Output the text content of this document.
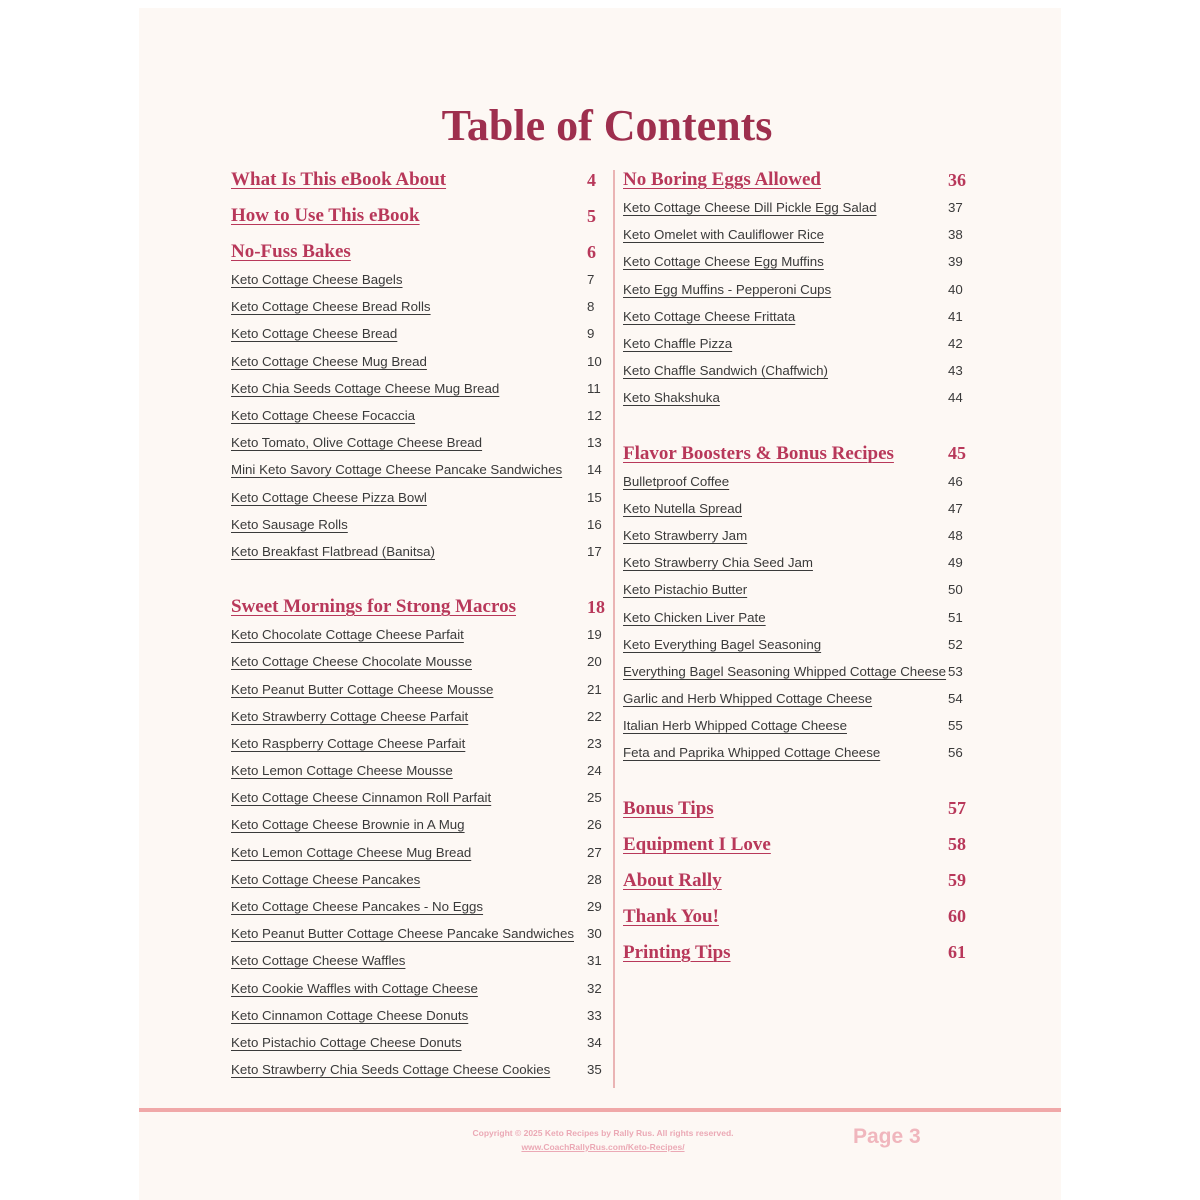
Table of Contents
What Is This eBook About	4
How to Use This eBook	5
No-Fuss Bakes	6
Keto Cottage Cheese Bagels	7
Keto Cottage Cheese Bread Rolls	8
Keto Cottage Cheese Bread	9
Keto Cottage Cheese Mug Bread	10
Keto Chia Seeds Cottage Cheese Mug Bread	11
Keto Cottage Cheese Focaccia	12
Keto Tomato, Olive Cottage Cheese Bread	13
Mini Keto Savory Cottage Cheese Pancake Sandwiches 14
Keto Cottage Cheese Pizza Bowl	15
Keto Sausage Rolls	16
Keto Breakfast Flatbread (Banitsa)	17
Sweet Mornings for Strong Macros	18
Keto Chocolate Cottage Cheese Parfait	19
Keto Cottage Cheese Chocolate Mousse	20
Keto Peanut Butter Cottage Cheese Mousse	21
Keto Strawberry Cottage Cheese Parfait	22
Keto Raspberry Cottage Cheese Parfait	23
Keto Lemon Cottage Cheese Mousse	24
Keto Cottage Cheese Cinnamon Roll Parfait	25
Keto Cottage Cheese Brownie in A Mug	26
Keto Lemon Cottage Cheese Mug Bread	27
Keto Cottage Cheese Pancakes	28
Keto Cottage Cheese Pancakes - No Eggs	29
Keto Peanut Butter Cottage Cheese Pancake Sandwiches 30
Keto Cottage Cheese Waffles	31
Keto Cookie Waffles with Cottage Cheese	32
Keto Cinnamon Cottage Cheese Donuts	33
Keto Pistachio Cottage Cheese Donuts	34
Keto Strawberry Chia Seeds Cottage Cheese Cookies	35
No Boring Eggs Allowed	36
Keto Cottage Cheese Dill Pickle Egg Salad	37
Keto Omelet with Cauliflower Rice	38
Keto Cottage Cheese Egg Muffins	39
Keto Egg Muffins - Pepperoni Cups	40
Keto Cottage Cheese Frittata	41
Keto Chaffle Pizza	42
Keto Chaffle Sandwich (Chaffwich)	43
Keto Shakshuka	44
Flavor Boosters & Bonus Recipes	45
Bulletproof Coffee	46
Keto Nutella Spread	47
Keto Strawberry Jam	48
Keto Strawberry Chia Seed Jam	49
Keto Pistachio Butter	50
Keto Chicken Liver Pate	51
Keto Everything Bagel Seasoning	52
Everything Bagel Seasoning Whipped Cottage Cheese 53
Garlic and Herb Whipped Cottage Cheese	54
Italian Herb Whipped Cottage Cheese	55
Feta and Paprika Whipped Cottage Cheese	56
Bonus Tips	57
Equipment I Love	58
About Rally	59
Thank You!	60
Printing Tips	61
Copyright © 2025 Keto Recipes by Rally Rus. All rights reserved.
www.CoachRallyRus.com/Keto-Recipes/	Page 3
